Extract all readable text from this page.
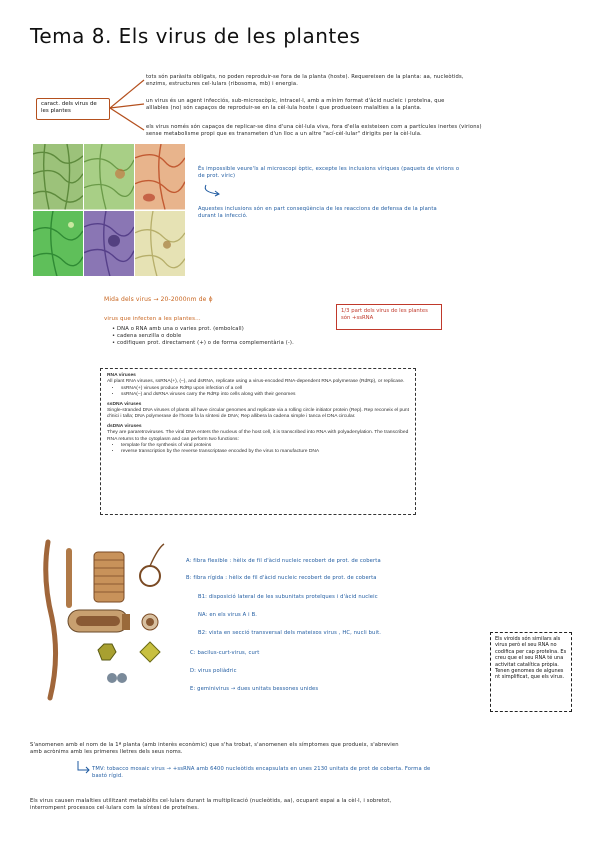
Tema 8. Els virus de les plantes
caract. dels virus de les plantes
tots són paràsits obligats, no poden reproduir-se fora de la planta (hoste). Requereixen de la planta: aa, nucleòtids,
enzims, estructures cel·lulars (ribosoma, mb) i energia.
un virus és un agent infecciós, sub-microscòpic, intracel·l, amb a mínim format d'àcid nucleic i proteïna, que
aïllables (no) són capaços de reproduir-se en la cèl·lula hoste i que produeixen malalties a la planta.
els virus només són capaços de replicar-se dins d'una cèl·lula viva, fora d'ella existeixen com a partícules inertes (virions)
sense metabolisme propi que es transmeten d'un lloc a un altre "ací-cèl·lular" dirigits per la cèl·lula.
És impossible veure'ls al microscopi òptic, excepte les inclusions víriques (paquets de virions o
de prot. víric)
Aquestes inclusions són en part conseqüència de les reaccions de defensa de la planta
durant la infecció.
Mida dels virus → 20-2000nm de ϕ
virus que infecten a les plantes...
• DNA o RNA amb una o varies prot. (embolcall)
• cadena senzilla o doble
• codifiquen prot. directament (+) o de forma complementària (-).
1/3 part dels virus de les plantes són +ssRNA
RNA viruses
All plant RNA viruses, ssRNA(+), (–), and dsRNA, replicate using a virus-encoded RNA-dependent RNA polymerase (RdRp), or replicase.
• ssRNA(+) viruses produce RdRp upon infection of a cell
• ssRNA(–) and dsRNA viruses carry the RdRp into cells along with their genomes
ssDNA viruses
Single-stranded DNA viruses of plants all have circular genomes and replicate via a rolling circle initiator protein (Rep). Rep reconeix el punt d'inici i talla; DNA polymerase de l'hoste fa la síntesi de DNA; Rep allibera la cadena simple i tanca el DNA circular.
dsDNA viruses
They are pararetroviruses. The viral DNA enters the nucleus of the host cell, it is transcribed into RNA with polyadenylation. The transcribed RNA returns to the cytoplasm and can perform two functions:
• template for the synthesis of viral proteins
• reverse transcription by the reverse transcriptase encoded by the virus to manufacture DNA
A: fibra flexible : hèlix de fil d'àcid nucleic recobert de prot. de coberta
B: fibra rígida : hèlix de fil d'àcid nucleic recobert de prot. de coberta
B1: disposició lateral de les subunitats proteïques i d'àcid nucleic
NA: en els virus A i B.
B2: vista en secció transversal dels mateixos virus , HC, nucli buit.
C: bacilus-curt-virus, curt
D: virus poliàdric
E: geminivirus → dues unitats bessones unides
Els viroids són similars als virus però el seu RNA no codifica per cap proteïna. Es creu que el seu RNA té una activitat catalítica pròpia. Tenen genomes de algunes nt simplificat, que els virus.
S'anomenen amb el nom de la 1ª planta (amb interès econòmic) que s'ha trobat, s'anomenen els símptomes que produeix, s'abrevien
amb acrònims amb les primeres lletres dels seus noms.
TMV: tobacco mosaic virus → +ssRNA amb 6400 nucleòtids encapsulats en unes 2130 unitats de prot de coberta. Forma de
bastó rígid.
Els virus causen malalties utilitzant metabòlits cel·lulars durant la multiplicació (nucleòtids, aa), ocupant espai a la cèl·l, i sobretot,
interrompent processos cel·lulars com la síntesi de proteïnes.
